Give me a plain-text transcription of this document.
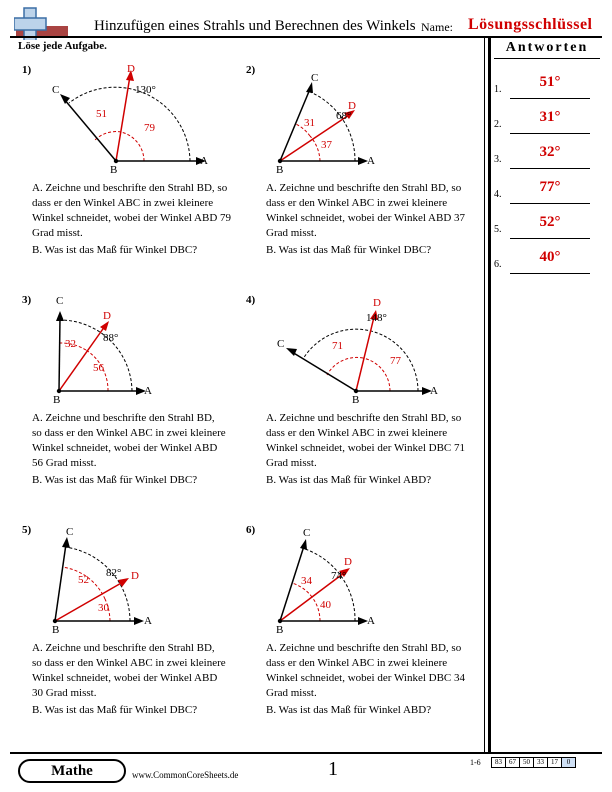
Hinzufügen eines Strahls und Berechnen des Winkels Name: Lösungsschlüssel
Löse jede Aufgabe.	Antworten
1.	51°
2.	31°
3.	32°
4.	77°
5.	52°
6.	40°
1)
A
B
C
D
130°
51
79

A. Zeichne und beschrifte den Strahl BD, so dass er den Winkel ABC in zwei kleinere Winkel schneidet, wobei der Winkel ABD 79 Grad misst.

B. Was ist das Maß für Winkel DBC?

2)
A
B
C
D
68°
31
37

A. Zeichne und beschrifte den Strahl BD, so dass er den Winkel ABC in zwei kleinere Winkel schneidet, wobei der Winkel ABD 37 Grad misst.

B. Was ist das Maß für Winkel DBC?

3)
A
B
C
D
88°
32
56

A. Zeichne und beschrifte den Strahl BD, so dass er den Winkel ABC in zwei kleinere Winkel schneidet, wobei der Winkel ABD 56 Grad misst.

B. Was ist das Maß für Winkel DBC?

4)
A
B
C
D
148°
71
77

A. Zeichne und beschrifte den Strahl BD, so dass er den Winkel ABC in zwei kleinere Winkel schneidet, wobei der Winkel DBC 71 Grad misst.

B. Was ist das Maß für Winkel ABD?

5)
A
B
C
D
82°
52
30

A. Zeichne und beschrifte den Strahl BD, so dass er den Winkel ABC in zwei kleinere Winkel schneidet, wobei der Winkel ABD 30 Grad misst.

B. Was ist das Maß für Winkel DBC?

6)
A
B
C
D
74°
34
40

A. Zeichne und beschrifte den Strahl BD, so dass er den Winkel ABC in zwei kleinere Winkel schneidet, wobei der Winkel DBC 34 Grad misst.

B. Was ist das Maß für Winkel ABD?

Mathe	www.CommonCoreSheets.de	1	1-6	83	67	50	33	17	0
